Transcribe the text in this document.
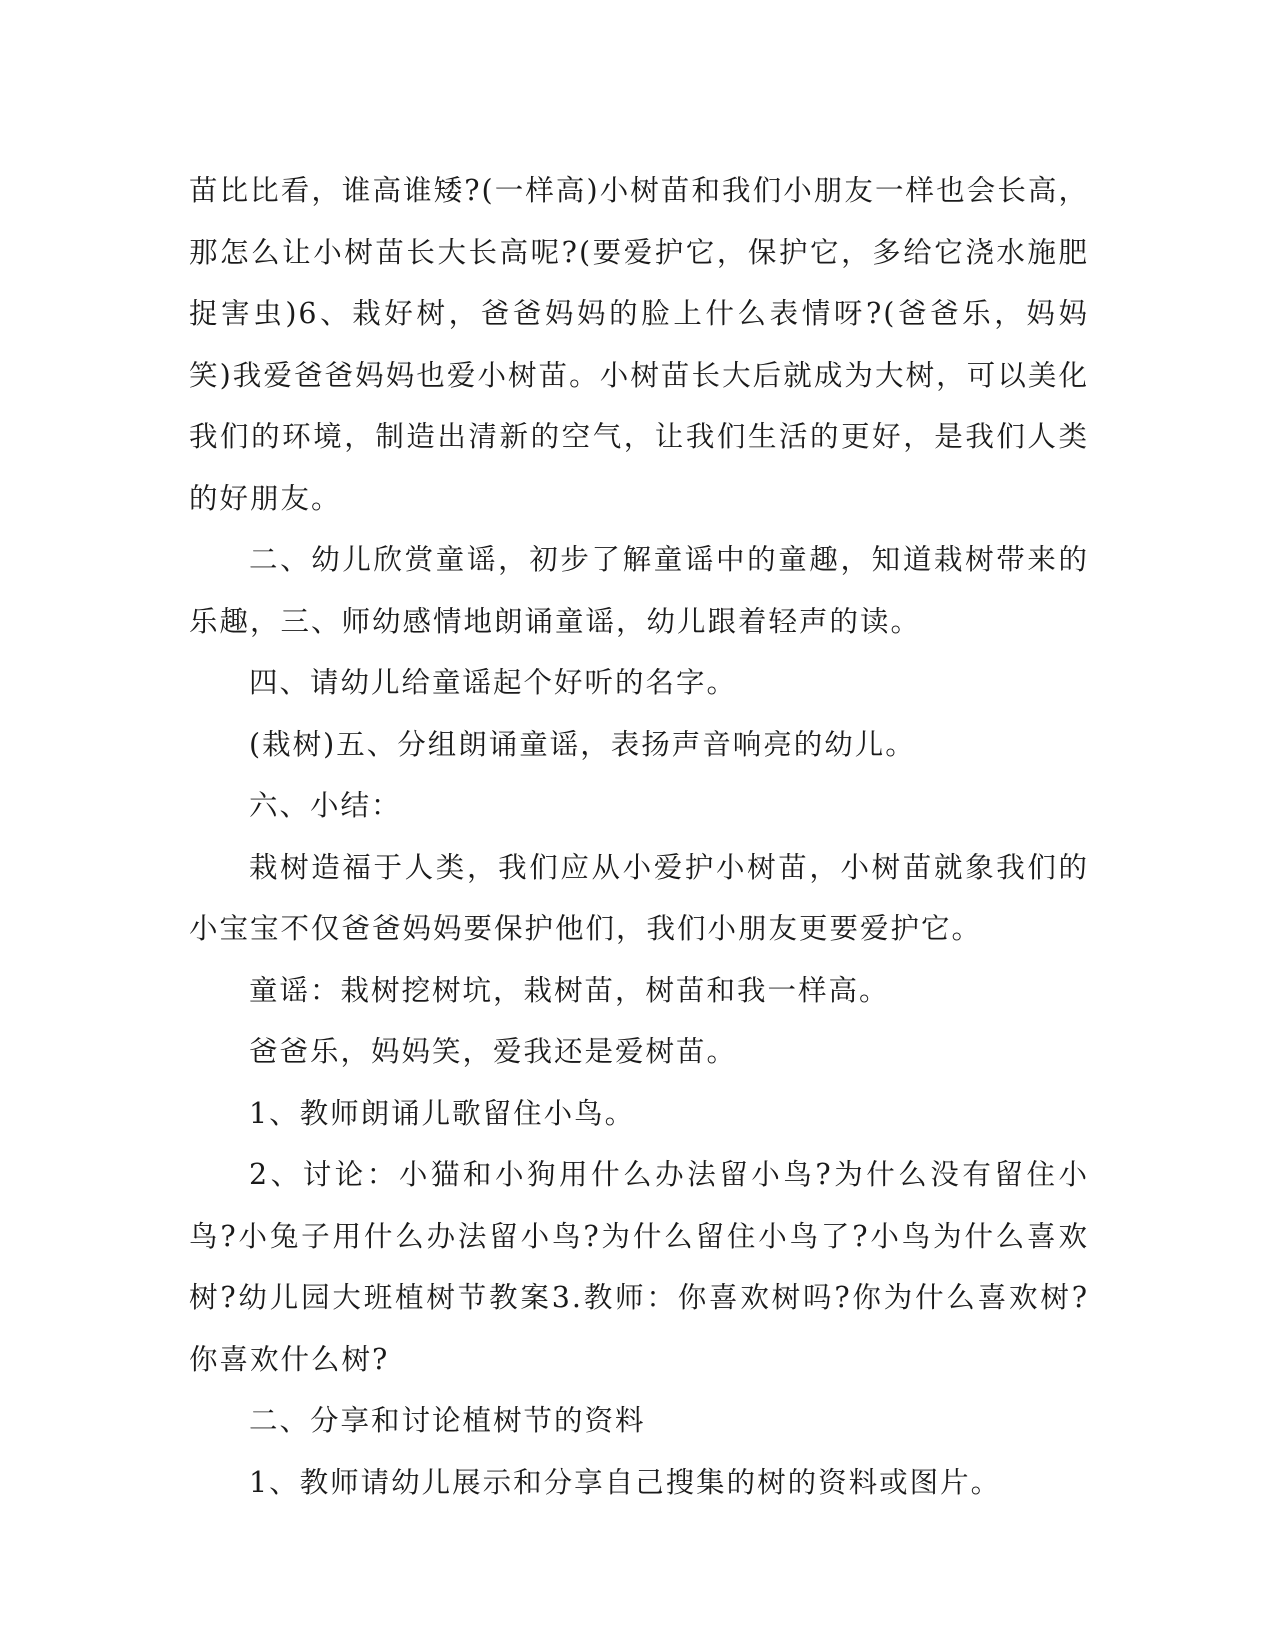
苗比比看，谁高谁矮?(一样高)小树苗和我们小朋友一样也会长高，那怎么让小树苗长大长高呢?(要爱护它，保护它，多给它浇水施肥捉害虫)6、栽好树，爸爸妈妈的脸上什么表情呀?(爸爸乐，妈妈笑)我爱爸爸妈妈也爱小树苗。小树苗长大后就成为大树，可以美化我们的环境，制造出清新的空气，让我们生活的更好，是我们人类的好朋友。

二、幼儿欣赏童谣，初步了解童谣中的童趣，知道栽树带来的乐趣，三、师幼感情地朗诵童谣，幼儿跟着轻声的读。

四、请幼儿给童谣起个好听的名字。

(栽树)五、分组朗诵童谣，表扬声音响亮的幼儿。

六、小结：

栽树造福于人类，我们应从小爱护小树苗，小树苗就象我们的小宝宝不仅爸爸妈妈要保护他们，我们小朋友更要爱护它。

童谣：栽树挖树坑，栽树苗，树苗和我一样高。

爸爸乐，妈妈笑，爱我还是爱树苗。

1、教师朗诵儿歌留住小鸟。

2、讨论：小猫和小狗用什么办法留小鸟?为什么没有留住小鸟?小兔子用什么办法留小鸟?为什么留住小鸟了?小鸟为什么喜欢树?幼儿园大班植树节教案3.教师：你喜欢树吗?你为什么喜欢树?你喜欢什么树?

二、分享和讨论植树节的资料

1、教师请幼儿展示和分享自己搜集的树的资料或图片。
